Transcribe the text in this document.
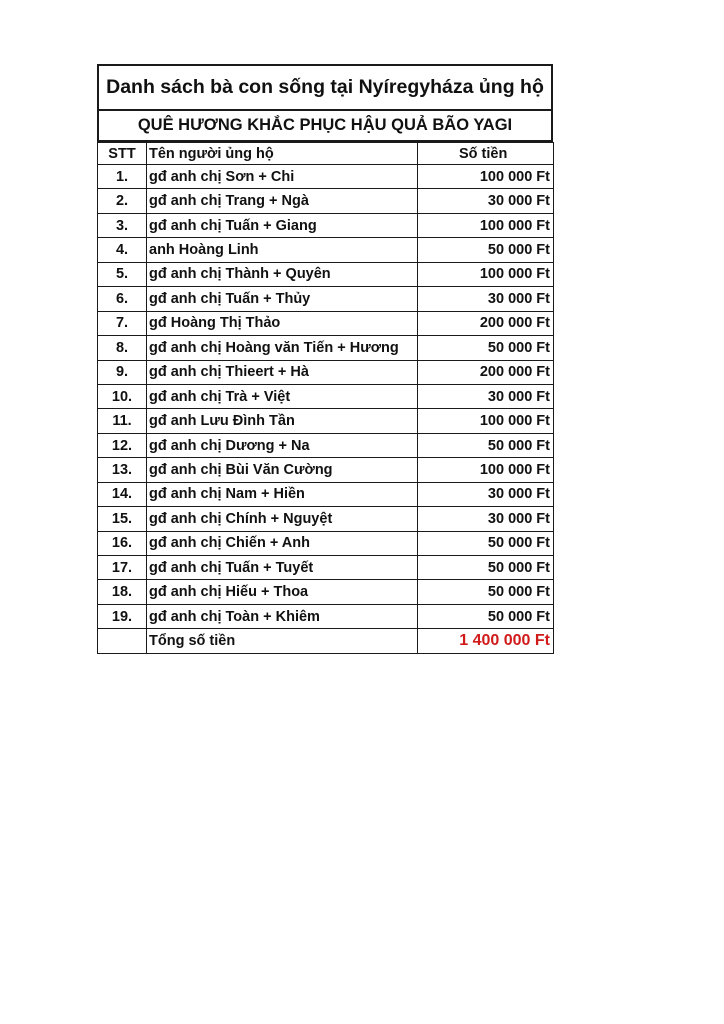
Danh sách bà con sống tại Nyíregyháza ủng hộ
QUÊ HƯƠNG KHẮC PHỤC HẬU QUẢ BÃO YAGI
STT	Tên người ủng hộ	Số tiền
1.	gđ anh chị Sơn + Chi	100 000 Ft
2.	gđ anh chị Trang + Ngà	30 000 Ft
3.	gđ anh chị Tuấn + Giang	100 000 Ft
4.	anh Hoàng Linh	50 000 Ft
5.	gđ anh chị Thành + Quyên	100 000 Ft
6.	gđ anh chị Tuấn + Thủy	30 000 Ft
7.	gđ Hoàng Thị Thảo	200 000 Ft
8.	gđ anh chị Hoàng văn Tiến + Hương	50 000 Ft
9.	gđ anh chị Thieert + Hà	200 000 Ft
10.	gđ anh chị Trà + Việt	30 000 Ft
11.	gđ anh Lưu Đình Tần	100 000 Ft
12.	gđ anh chị Dương + Na	50 000 Ft
13.	gđ anh chị Bùi Văn Cường	100 000 Ft
14.	gđ anh chị Nam + Hiền	30 000 Ft
15.	gđ anh chị Chính + Nguyệt	30 000 Ft
16.	gđ anh chị Chiến + Anh	50 000 Ft
17.	gđ anh chị Tuấn + Tuyết	50 000 Ft
18.	gđ anh chị Hiếu + Thoa	50 000 Ft
19.	gđ anh chị Toàn + Khiêm	50 000 Ft
	Tổng số tiền	1 400 000 Ft
